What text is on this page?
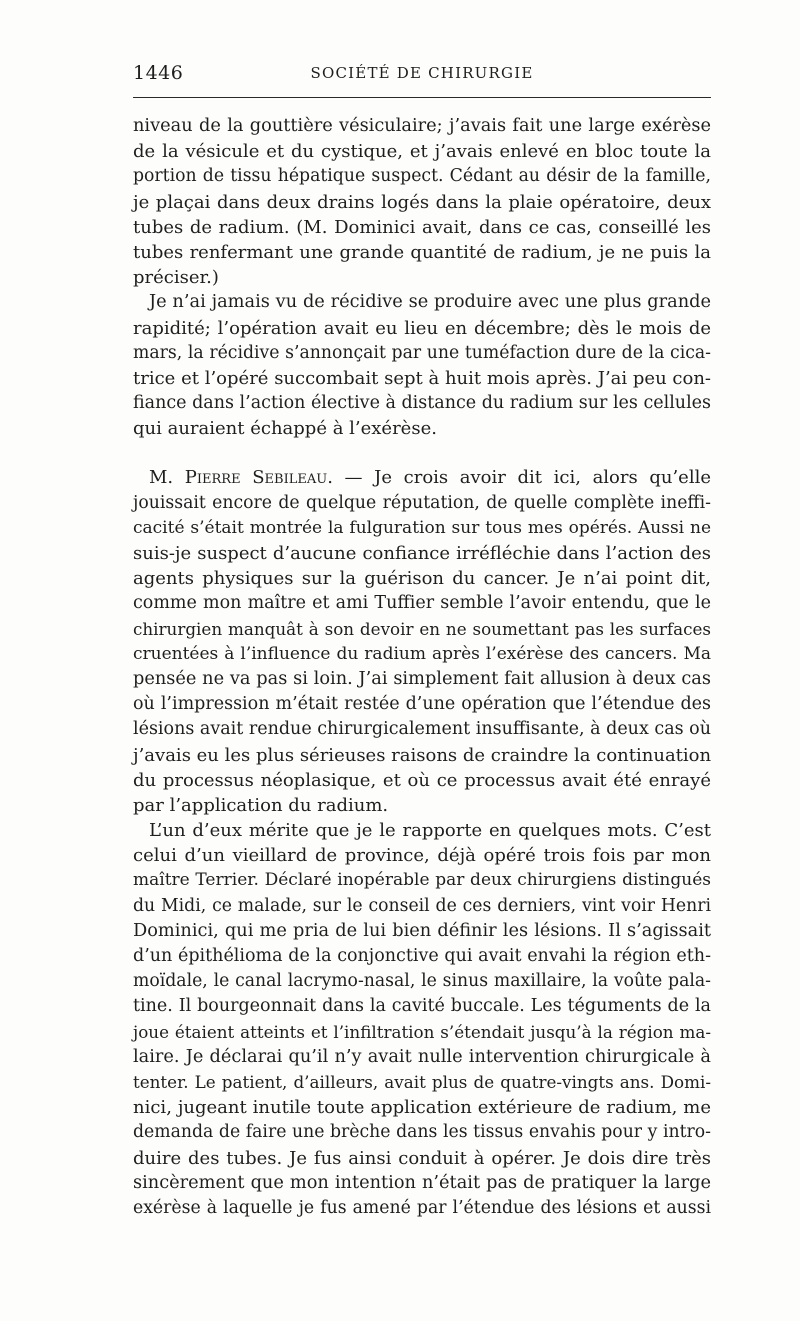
1446	SOCIÉTÉ DE CHIRURGIE
niveau de la gouttière vésiculaire; j’avais fait une large exérèse
de la vésicule et du cystique, et j’avais enlevé en bloc toute la
portion de tissu hépatique suspect. Cédant au désir de la famille,
je plaçai dans deux drains logés dans la plaie opératoire, deux
tubes de radium. (M. Dominici avait, dans ce cas, conseillé les
tubes renfermant une grande quantité de radium, je ne puis la
préciser.)
Je n’ai jamais vu de récidive se produire avec une plus grande
rapidité; l’opération avait eu lieu en décembre; dès le mois de
mars, la récidive s’annonçait par une tuméfaction dure de la cica-
trice et l’opéré succombait sept à huit mois après. J’ai peu con-
fiance dans l’action élective à distance du radium sur les cellules
qui auraient échappé à l’exérèse.
M. Pierre Sebileau. — Je crois avoir dit ici, alors qu’elle
jouissait encore de quelque réputation, de quelle complète ineffi-
cacité s’était montrée la fulguration sur tous mes opérés. Aussi ne
suis-je suspect d’aucune confiance irréfléchie dans l’action des
agents physiques sur la guérison du cancer. Je n’ai point dit,
comme mon maître et ami Tuffier semble l’avoir entendu, que le
chirurgien manquât à son devoir en ne soumettant pas les surfaces
cruentées à l’influence du radium après l’exérèse des cancers. Ma
pensée ne va pas si loin. J’ai simplement fait allusion à deux cas
où l’impression m’était restée d’une opération que l’étendue des
lésions avait rendue chirurgicalement insuffisante, à deux cas où
j’avais eu les plus sérieuses raisons de craindre la continuation
du processus néoplasique, et où ce processus avait été enrayé
par l’application du radium.
L’un d’eux mérite que je le rapporte en quelques mots. C’est
celui d’un vieillard de province, déjà opéré trois fois par mon
maître Terrier. Déclaré inopérable par deux chirurgiens distingués
du Midi, ce malade, sur le conseil de ces derniers, vint voir Henri
Dominici, qui me pria de lui bien définir les lésions. Il s’agissait
d’un épithélioma de la conjonctive qui avait envahi la région eth-
moïdale, le canal lacrymo-nasal, le sinus maxillaire, la voûte pala-
tine. Il bourgeonnait dans la cavité buccale. Les téguments de la
joue étaient atteints et l’infiltration s’étendait jusqu’à la région ma-
laire. Je déclarai qu’il n’y avait nulle intervention chirurgicale à
tenter. Le patient, d’ailleurs, avait plus de quatre-vingts ans. Domi-
nici, jugeant inutile toute application extérieure de radium, me
demanda de faire une brèche dans les tissus envahis pour y intro-
duire des tubes. Je fus ainsi conduit à opérer. Je dois dire très
sincèrement que mon intention n’était pas de pratiquer la large
exérèse à laquelle je fus amené par l’étendue des lésions et aussi
